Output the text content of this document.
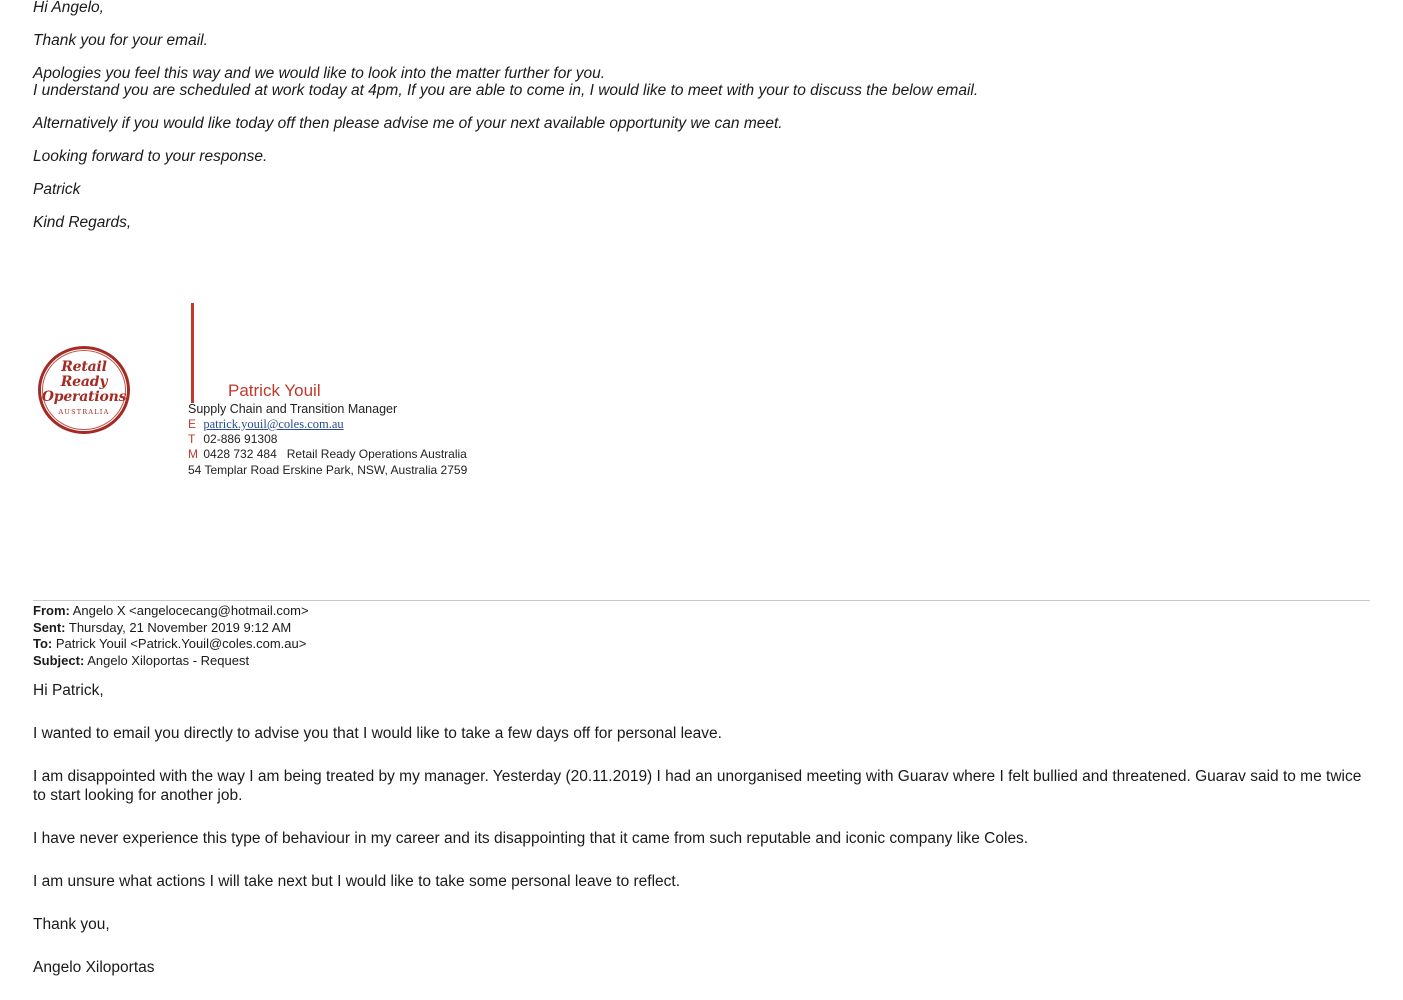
Hi Angelo,

Thank you for your email.

Apologies you feel this way and we would like to look into the matter further for you.

I understand you are scheduled at work today at 4pm, If you are able to come in, I would like to meet with your to discuss the below email.

Alternatively if you would like today off then please advise me of your next available opportunity we can meet.

Looking forward to your response.

Patrick

Kind Regards,

Retail Ready Operations
AUSTRALIA
Patrick Youil
Supply Chain and Transition Manager
E patrick.youil@coles.com.au
T 02-886 91308
M 0428 732 484 Retail Ready Operations Australia
54 Templar Road Erskine Park, NSW, Australia 2759
From: Angelo X <angelocecang@hotmail.com>
Sent: Thursday, 21 November 2019 9:12 AM
To: Patrick Youil <Patrick.Youil@coles.com.au>
Subject: Angelo Xiloportas - Request

Hi Patrick,

I wanted to email you directly to advise you that I would like to take a few days off for personal leave.

I am disappointed with the way I am being treated by my manager. Yesterday (20.11.2019) I had an unorganised meeting with Guarav where I felt bullied and threatened. Guarav said to me twice to start looking for another job.

I have never experience this type of behaviour in my career and its disappointing that it came from such reputable and iconic company like Coles.

I am unsure what actions I will take next but I would like to take some personal leave to reflect.

Thank you,

Angelo Xiloportas
